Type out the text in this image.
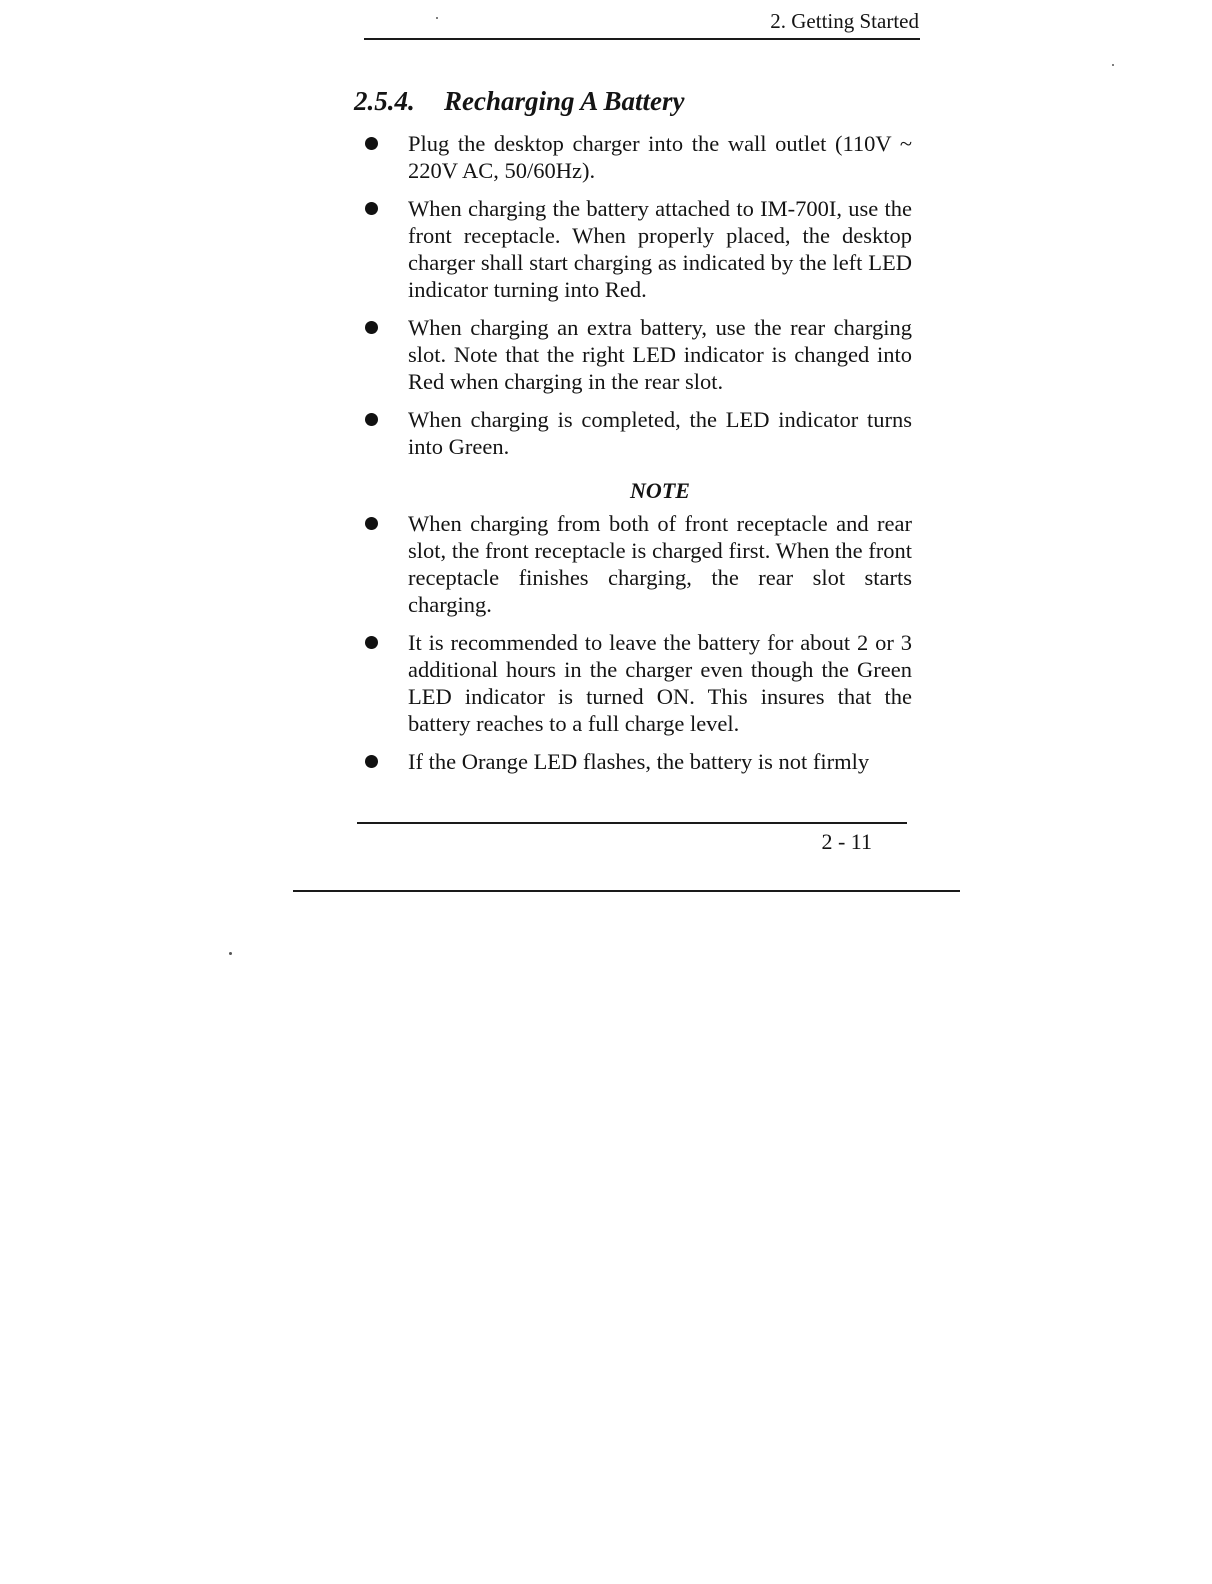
2. Getting Started
2.5.4. Recharging A Battery
Plug the desktop charger into the wall outlet (110V ~ 220V AC, 50/60Hz).
When charging the battery attached to IM-700I, use the front receptacle. When properly placed, the desktop charger shall start charging as indicated by the left LED indicator turning into Red.
When charging an extra battery, use the rear charging slot. Note that the right LED indicator is changed into Red when charging in the rear slot.
When charging is completed, the LED indicator turns into Green.
NOTE
When charging from both of front receptacle and rear slot, the front receptacle is charged first. When the front receptacle finishes charging, the rear slot starts charging.
It is recommended to leave the battery for about 2 or 3 additional hours in the charger even though the Green LED indicator is turned ON. This insures that the battery reaches to a full charge level.
If the Orange LED flashes, the battery is not firmly
2 - 11
